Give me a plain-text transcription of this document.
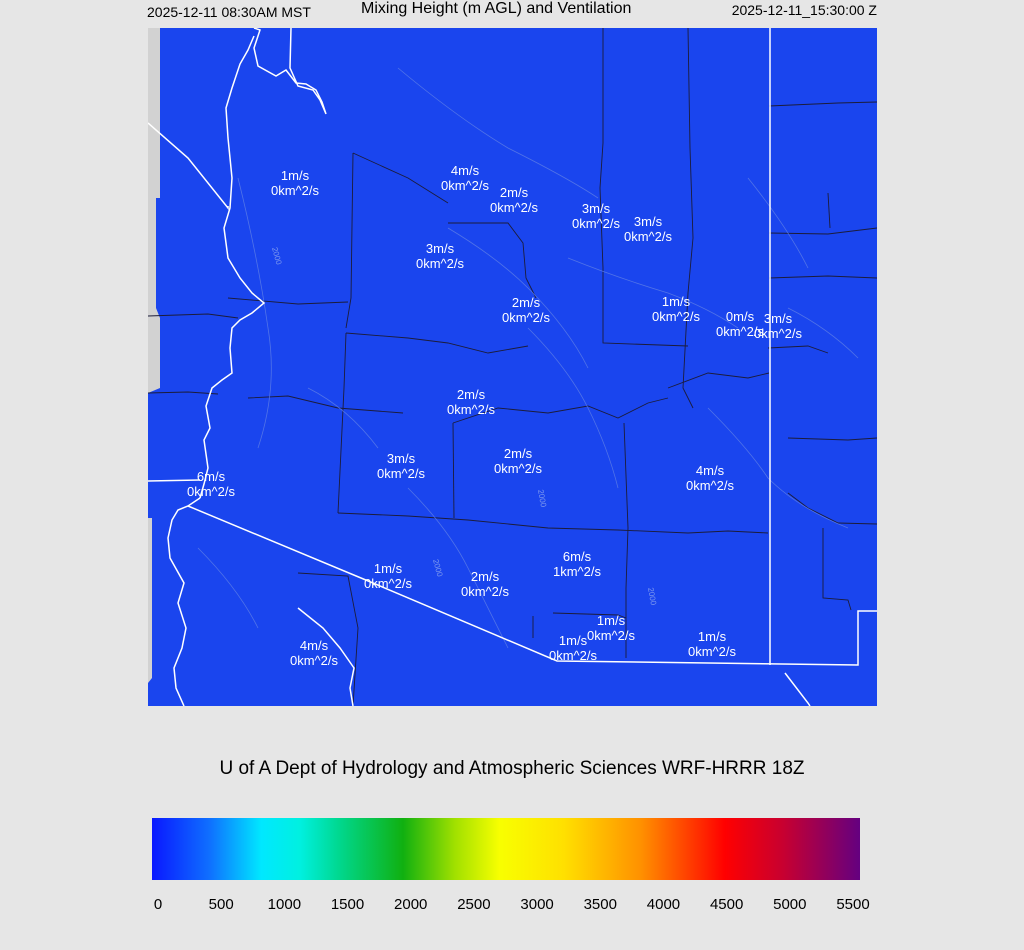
2025-12-11 08:30AM MST	Mixing Height (m AGL) and Ventilation	2025-12-11_15:30:00 Z
2000
2000
2000
2000
1m/s
0km^2/s
4m/s
0km^2/s 2m/s
0km^2/s	3m/s
0km^2/s	3m/s
0km^2/s
3m/s
0km^2/s
2m/s
0km^2/s
1m/s
0km^2/s	0m/s
0km^2/s
3m/s
0km^2/s
2m/s
0km^2/s
3m/s
0km^2/s
2m/s
0km^2/s	4m/s
0km^2/s
6m/s
0km^2/s
6m/s
1km^2/s
1m/s
0km^2/s	2m/s
0km^2/s
1m/s
0km^2/s
1m/s
0km^2/s
1m/s
0km^2/s
4m/s
0km^2/s
U of A Dept of Hydrology and Atmospheric Sciences WRF-HRRR 18Z
0	500 1000 1500 2000 2500 3000 3500 4000 4500 5000 5500
